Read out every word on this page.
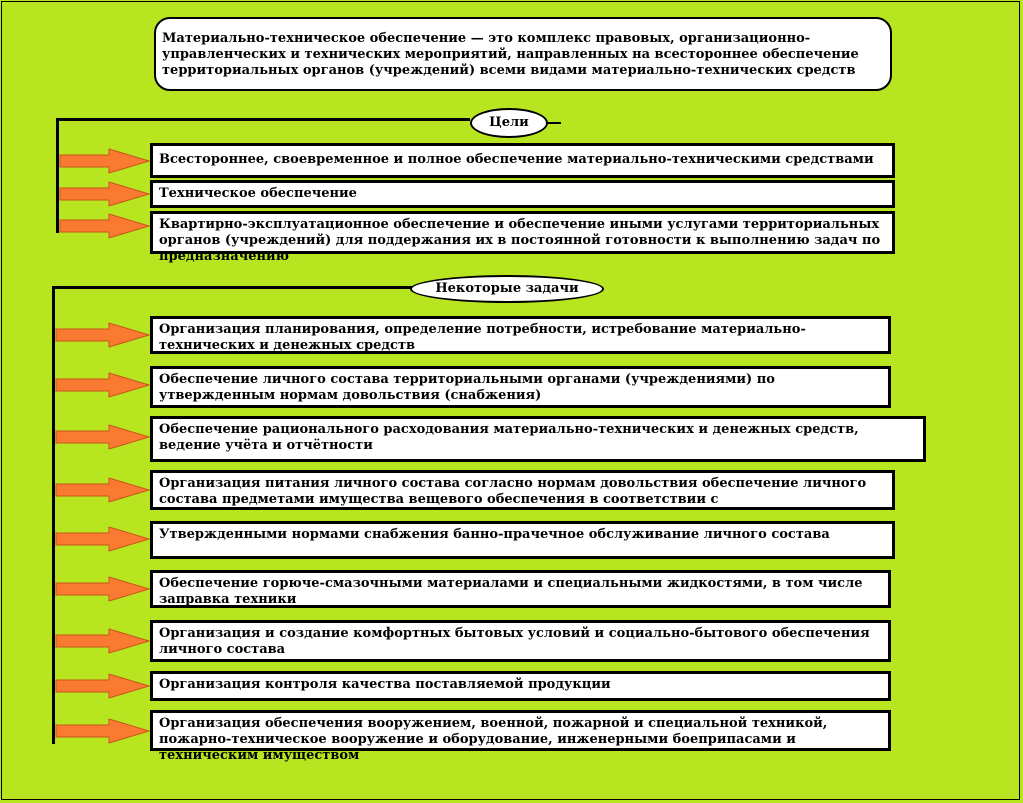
Материально-техническое обеспечение — это комплекс правовых, организационно-управленческих и технических мероприятий, направленных на всестороннее обеспечение территориальных органов (учреждений) всеми видами материально-технических средств
Цели
Всестороннее, своевременное и полное обеспечение материально-техническими средствами
Техническое обеспечение
Квартирно-эксплуатационное обеспечение и обеспечение иными услугами территориальных органов (учреждений) для поддержания их в постоянной готовности к выполнению задач по предназначению
Некоторые задачи
Организация планирования, определение потребности, истребование материально-технических и денежных средств
Обеспечение личного состава территориальными органами (учреждениями) по утвержденным нормам довольствия (снабжения)
Обеспечение рационального расходования материально-технических и денежных средств, ведение учёта и отчётности
Организация питания личного состава согласно нормам довольствия обеспечение личного состава предметами имущества вещевого обеспечения в соответствии с
Утвержденными нормами снабжения банно-прачечное обслуживание личного состава
Обеспечение горюче-смазочными материалами и специальными жидкостями, в том числе заправка техники
Организация и создание комфортных бытовых условий и социально-бытового обеспечения личного состава
Организация контроля качества поставляемой продукции
Организация обеспечения вооружением, военной, пожарной и специальной техникой, пожарно-техническое вооружение и оборудование, инженерными боеприпасами и техническим имуществом
